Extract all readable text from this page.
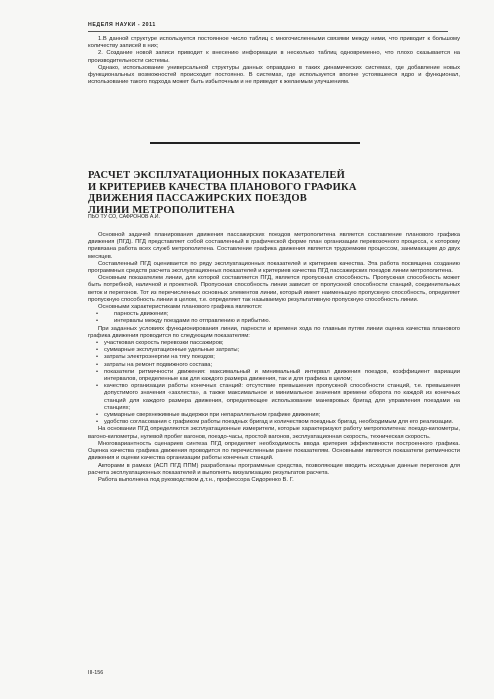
НЕДЕЛЯ НАУКИ - 2011

1.В данной структуре используется постоянное число таблиц с многочисленными связями между ними, что приводит к большому количеству записей в них;

2. Создание новой записи приводит к внесению информации в несколько таблиц одновременно, что плохо сказывается на производительности системы.

Однако, использование универсальной структуры данных оправдано в таких динамических системах, где добавление новых функциональных возможностей происходит постоянно. В системах, где используется вполне устоявшееся ядро и функционал, использование такого подхода может быть избыточным и не приведет к желаемым улучшениям.

РАСЧЕТ ЭКСПЛУАТАЦИОННЫХ ПОКАЗАТЕЛЕЙ
И КРИТЕРИЕВ КАЧЕСТВА ПЛАНОВОГО ГРАФИКА
ДВИЖЕНИЯ ПАССАЖИРСКИХ ПОЕЗДОВ
ЛИНИИ МЕТРОПОЛИТЕНА
ПЬО ТУ СО, САФРОНОВ А.И.

Основной задачей планирования движения пассажирских поездов метрополитена является составление планового графика движения (ПГД). ПГД представляет собой составленный в графической форме план организации перевозочного процесса, к которому привязана работа всех служб метрополитена. Составление графика движения является трудоемким процессом, занимающим до двух месяцев.

Составленный ПГД оценивается по ряду эксплуатационных показателей и критериев качества. Эта работа посвящена созданию программных средств расчета эксплуатационных показателей и критериев качества ПГД пассажирских поездов линии метрополитена.

Основным показателем линии, для которой составляется ПГД, является пропускная способность. Пропускная способность может быть потребной, наличной и проектной. Пропускная способность линии зависит от пропускной способности станций, соединительных веток и перегонов. Тот из перечисленных основных элементов линии, который имеет наименьшую пропускную способность, определяет пропускную способность линии в целом, т.е. определяет так называемую результативную пропускную способность линии.

Основными характеристиками планового графика являются:

• парность движения;

• интервалы между поездами по отправлению и прибытию.

При заданных условиях функционирования линии, парности и времени хода по главным путям линии оценка качества планового графика движения проводится по следующим показателям:

• участковая скорость перевозки пассажиров;

• суммарные эксплуатационные удельные затраты;

• затраты электроэнергии на тягу поездов;

• затраты на ремонт подвижного состава;

• показатели ритмичности движения: максимальный и минимальный интервал движения поездов, коэффициент вариации интервалов, определенные как для каждого размера движения, так и для графика в целом;

• качество организации работы конечных станций: отсутствие превышения пропускной способности станций, т.е. превышения допустимого значения «захлеста», а также максимальное и минимальное значения времени оборота по каждой из конечных станций для каждого размера движения, определяющее использование маневровых бригад для управления поездами на станциях;

• суммарные сверхнежимные выдержки при непараллельном графике движения;

• удобство согласования с графиком работы поездных бригад и количеством поездных бригад, необходимым для его реализации.

На основании ПГД определяются эксплуатационные измерители, которые характеризуют работу метрополитена: поездо-километры, вагоно-километры, нулевой пробег вагонов, поездо-часы, простой вагонов, эксплуатационная скорость, техническая скорость.

Многовариантность сценариев синтеза ПГД определяет необходимость ввода критерия эффективности построенного графика. Оценка качества графика движения проводится по перечисленным ранее показателям. Основными являются показатели ритмичности движения и оценки качества организации работы конечных станций.

Авторами в рамках (АСП ПГД ППМ) разработаны программные средства, позволяющие вводить исходные данные перегонов для расчета эксплуатационных показателей и выполнять визуализацию результатов расчета.

Работа выполнена под руководством д.т.н., профессора Сидоренко В. Г.

III-156
